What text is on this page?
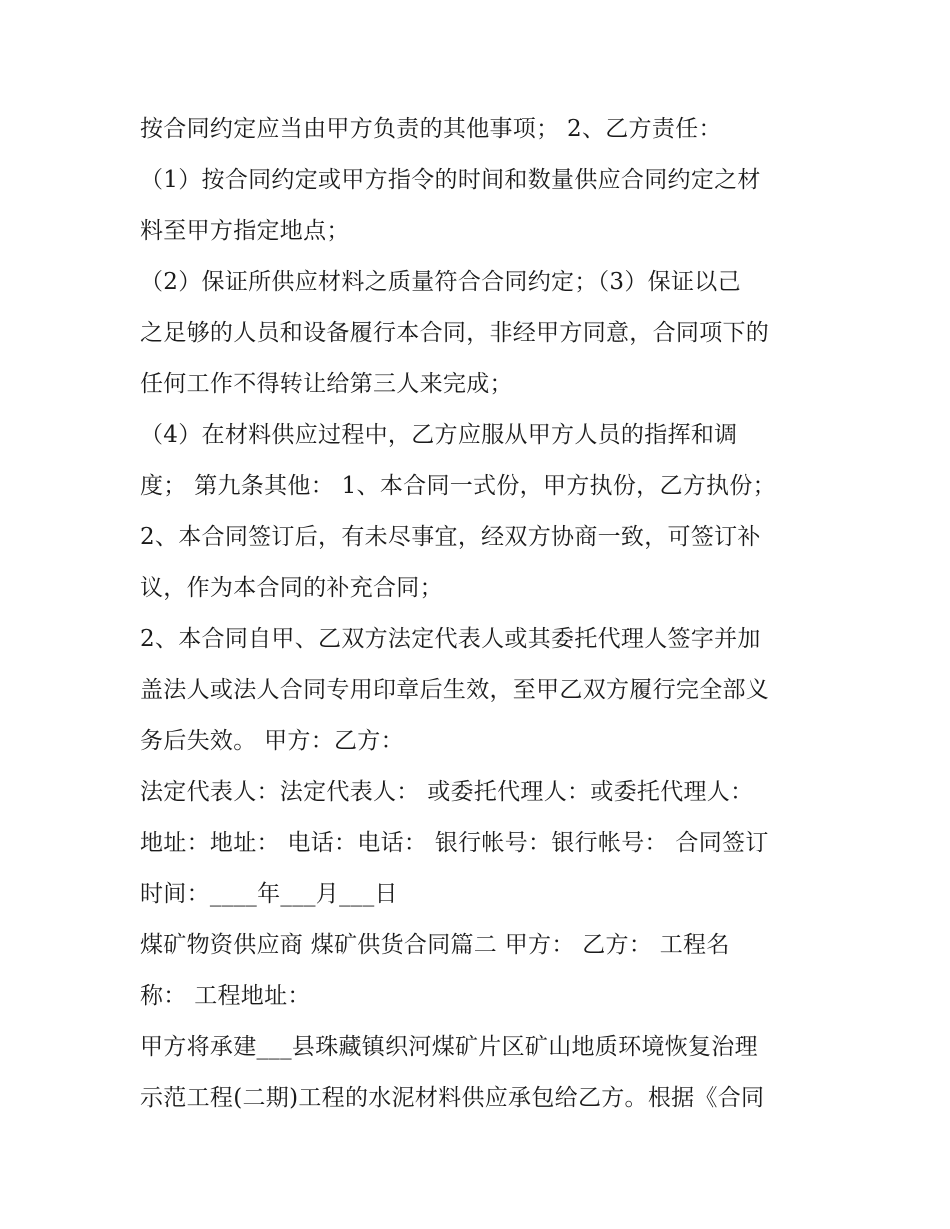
按合同约定应当由甲方负责的其他事项； 2、乙方责任：
（1）按合同约定或甲方指令的时间和数量供应合同约定之材
料至甲方指定地点；
（2）保证所供应材料之质量符合合同约定；（3）保证以己
之足够的人员和设备履行本合同，非经甲方同意，合同项下的
任何工作不得转让给第三人来完成；
（4）在材料供应过程中，乙方应服从甲方人员的指挥和调
度； 第九条其他： 1、本合同一式份，甲方执份，乙方执份；
2、本合同签订后，有未尽事宜，经双方协商一致，可签订补
议，作为本合同的补充合同；
2、本合同自甲、乙双方法定代表人或其委托代理人签字并加
盖法人或法人合同专用印章后生效，至甲乙双方履行完全部义
务后失效。 甲方：乙方：
法定代表人：法定代表人： 或委托代理人：或委托代理人：
地址：地址： 电话：电话： 银行帐号：银行帐号： 合同签订
时间：____年___月___日
煤矿物资供应商 煤矿供货合同篇二 甲方： 乙方： 工程名
称： 工程地址：
甲方将承建___县珠藏镇织河煤矿片区矿山地质环境恢复治理
示范工程(二期)工程的水泥材料供应承包给乙方。根据《合同
